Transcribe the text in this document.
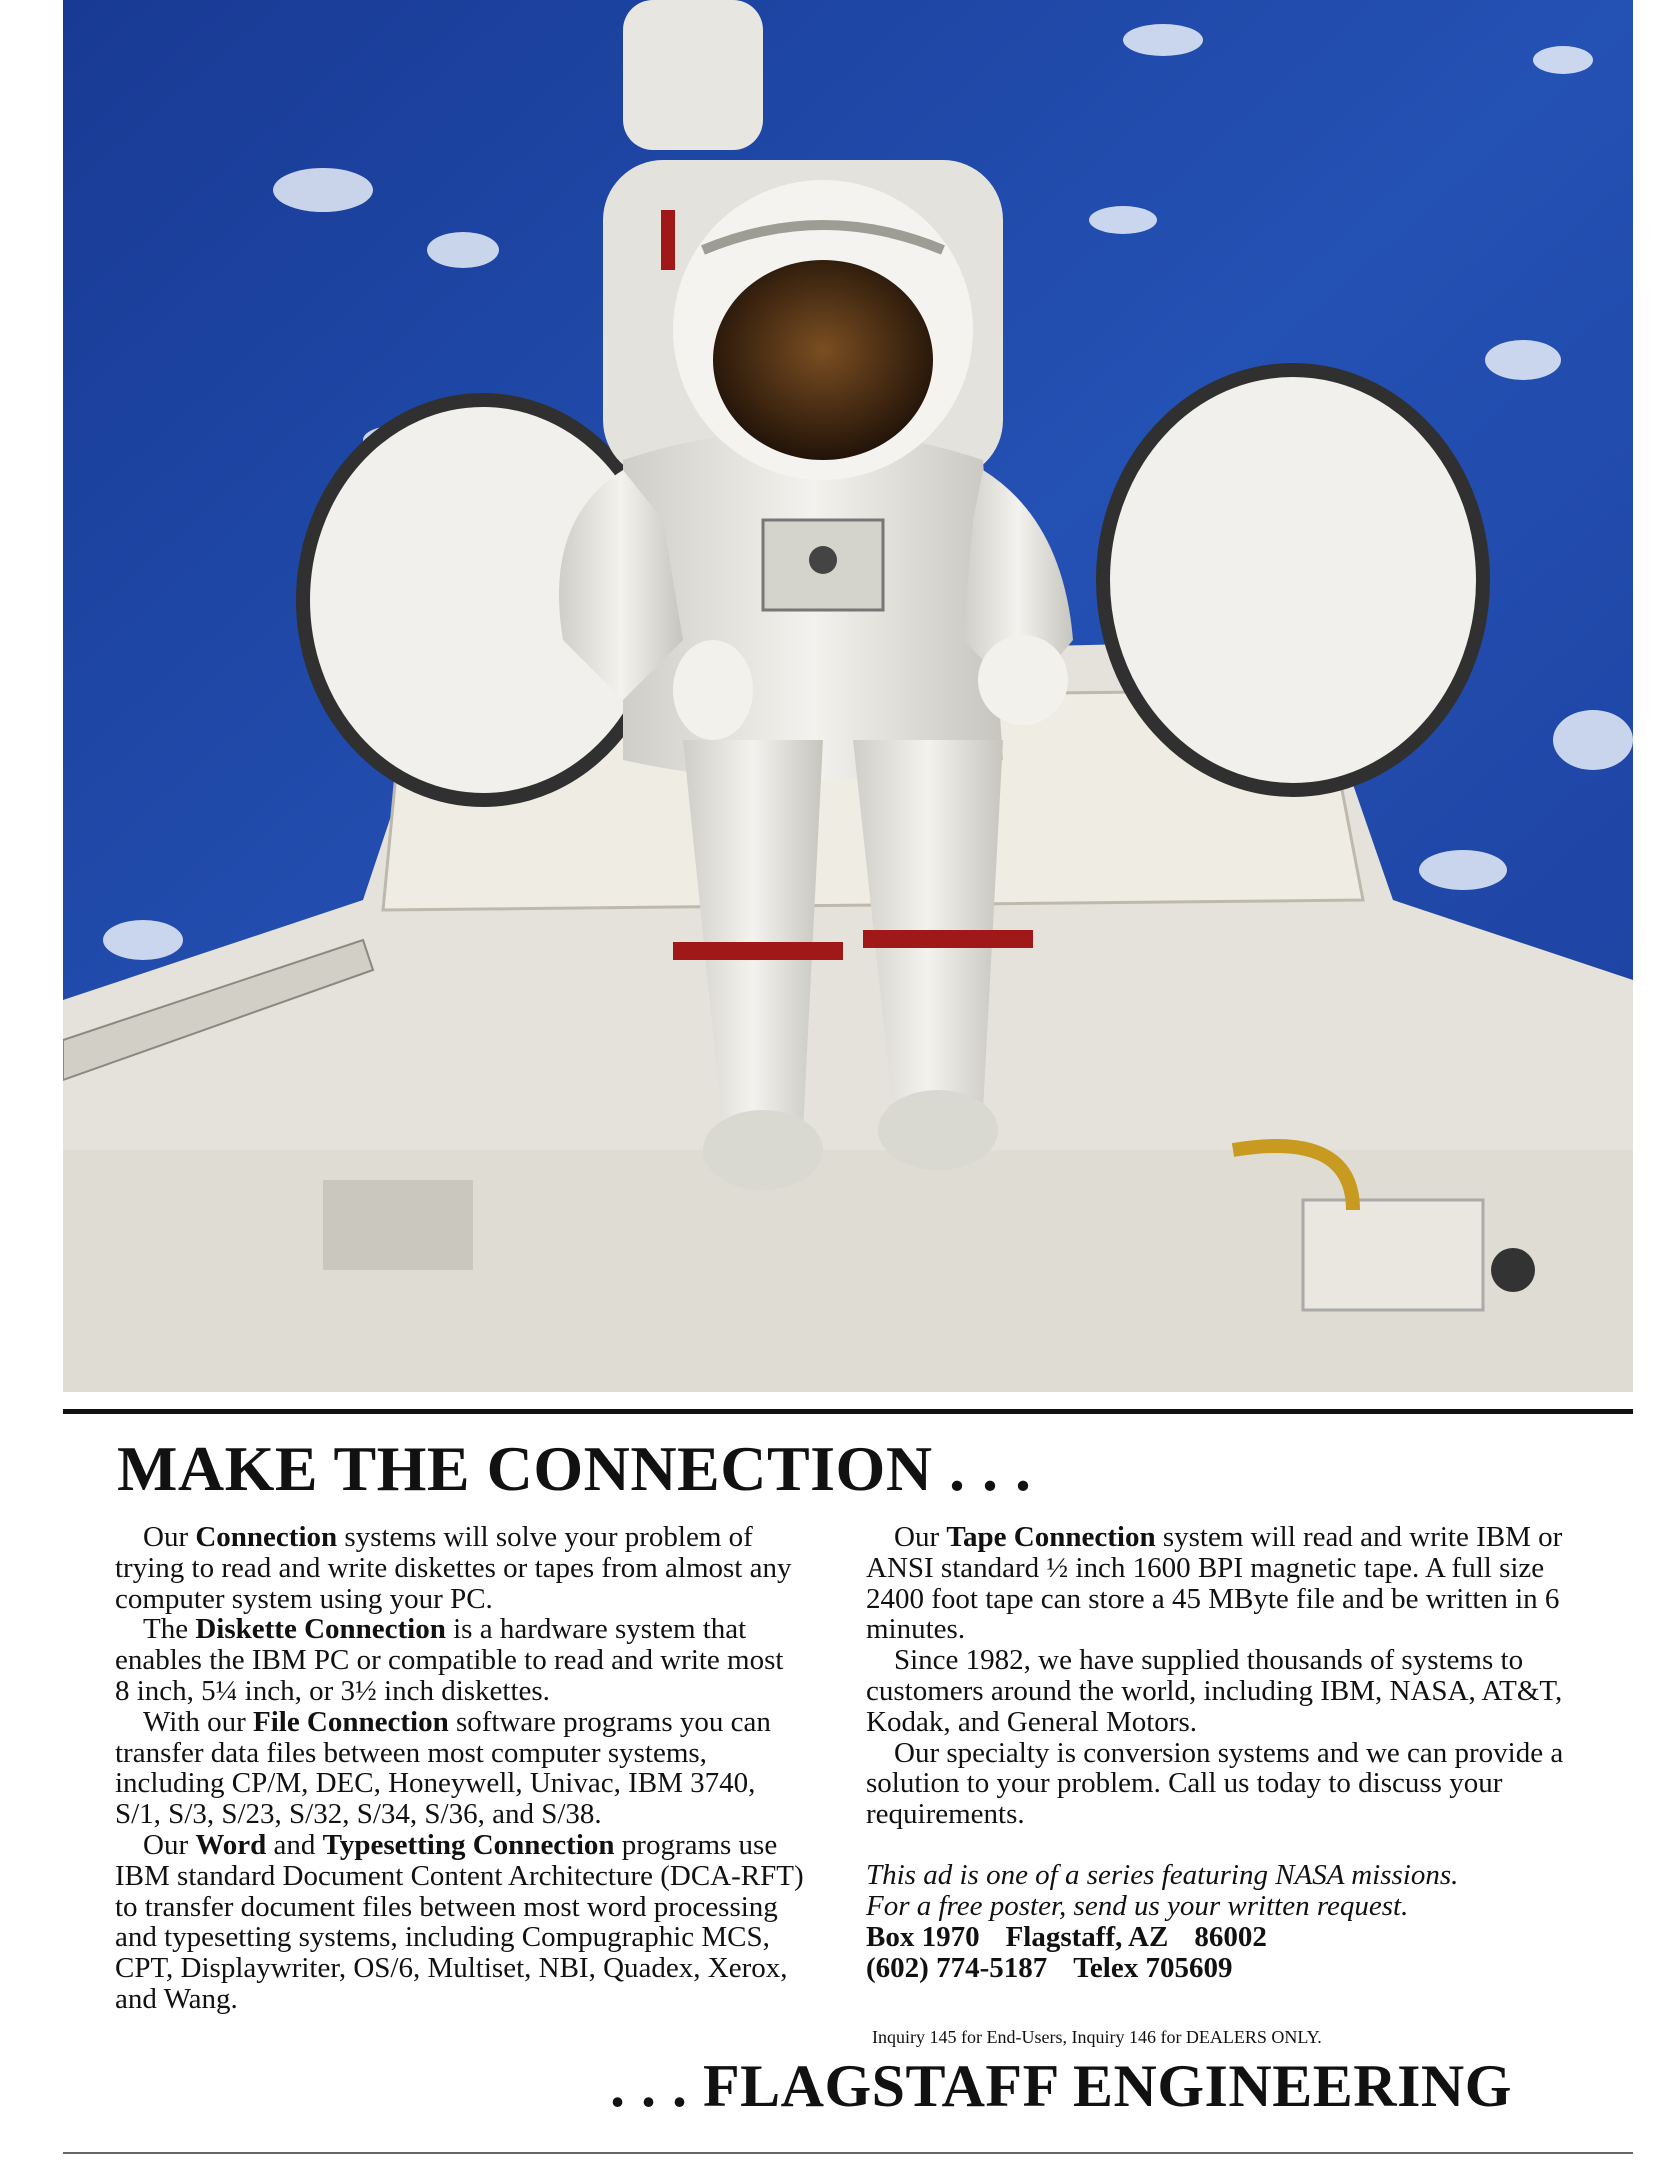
MAKE THE CONNECTION . . .

Our Connection systems will solve your problem of trying to read and write diskettes or tapes from almost any computer system using your PC.

The Diskette Connection is a hardware system that enables the IBM PC or compatible to read and write most 8 inch, 5¼ inch, or 3½ inch diskettes.

With our File Connection software programs you can transfer data files between most computer systems, including CP/M, DEC, Honeywell, Univac, IBM 3740, S/1, S/3, S/23, S/32, S/34, S/36, and S/38.

Our Word and Typesetting Connection programs use IBM standard Document Content Architecture (DCA-RFT) to transfer document files between most word processing and typesetting systems, including Compugraphic MCS, CPT, Displaywriter, OS/6, Multiset, NBI, Quadex, Xerox, and Wang.

Our Tape Connection system will read and write IBM or ANSI standard ½ inch 1600 BPI magnetic tape. A full size 2400 foot tape can store a 45 MByte file and be written in 6 minutes.

Since 1982, we have supplied thousands of systems to customers around the world, including IBM, NASA, AT&T, Kodak, and General Motors.

Our specialty is conversion systems and we can provide a solution to your problem. Call us today to discuss your requirements.

This ad is one of a series featuring NASA missions.
For a free poster, send us your written request.

Box 1970 Flagstaff, AZ 86002
(602) 774-5187 Telex 705609

Inquiry 145 for End-Users, Inquiry 146 for DEALERS ONLY.
. . . FLAGSTAFF ENGINEERING
